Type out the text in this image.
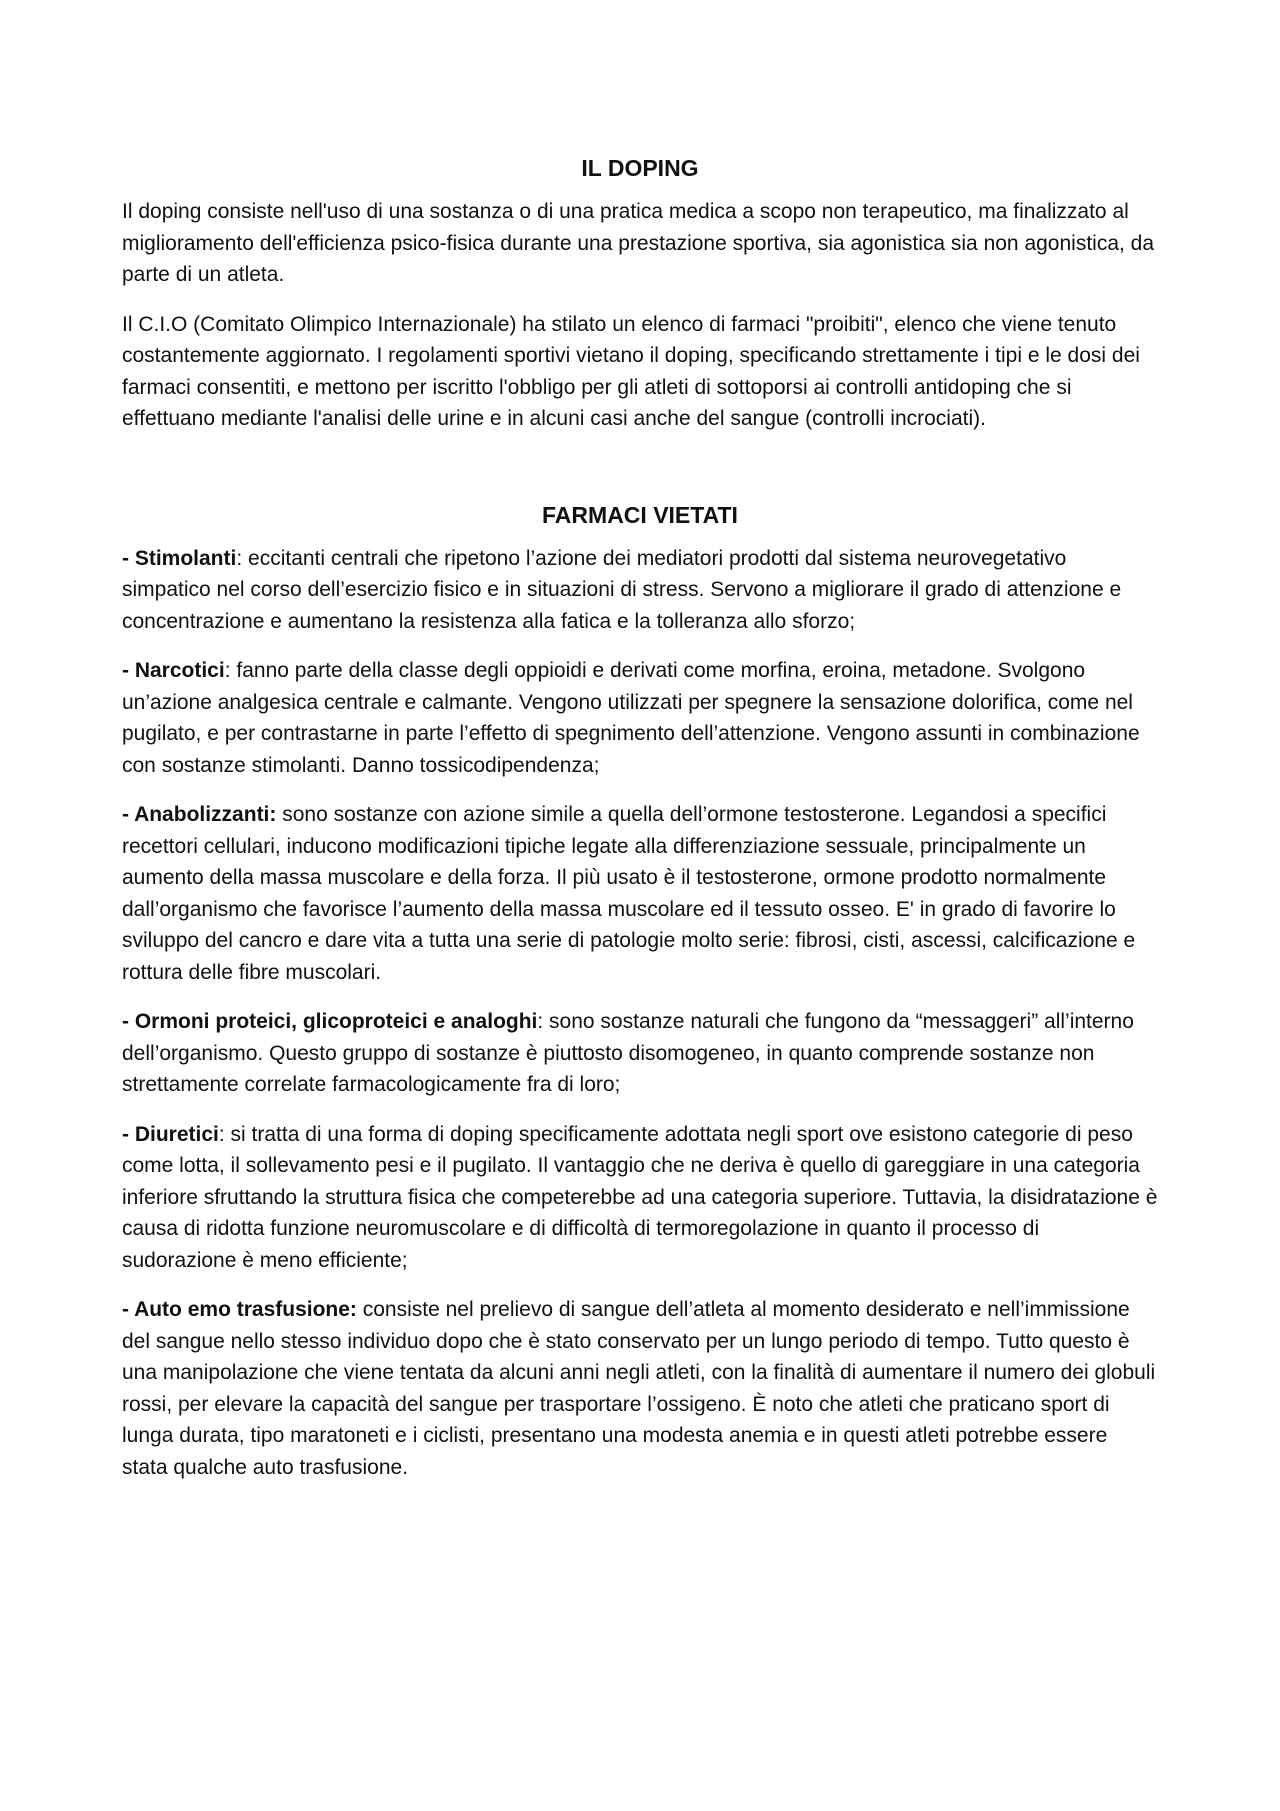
IL DOPING

Il doping consiste nell'uso di una sostanza o di una pratica medica a scopo non terapeutico, ma finalizzato al miglioramento dell'efficienza psico-fisica durante una prestazione sportiva, sia agonistica sia non agonistica, da parte di un atleta.

Il C.I.O (Comitato Olimpico Internazionale) ha stilato un elenco di farmaci "proibiti", elenco che viene tenuto costantemente aggiornato. I regolamenti sportivi vietano il doping, specificando strettamente i tipi e le dosi dei farmaci consentiti, e mettono per iscritto l'obbligo per gli atleti di sottoporsi ai controlli antidoping che si effettuano mediante l'analisi delle urine e in alcuni casi anche del sangue (controlli incrociati).

FARMACI VIETATI

- Stimolanti: eccitanti centrali che ripetono l’azione dei mediatori prodotti dal sistema neurovegetativo simpatico nel corso dell’esercizio fisico e in situazioni di stress. Servono a migliorare il grado di attenzione e concentrazione e aumentano la resistenza alla fatica e la tolleranza allo sforzo;

- Narcotici: fanno parte della classe degli oppioidi e derivati come morfina, eroina, metadone. Svolgono un’azione analgesica centrale e calmante. Vengono utilizzati per spegnere la sensazione dolorifica, come nel pugilato, e per contrastarne in parte l’effetto di spegnimento dell’attenzione. Vengono assunti in combinazione con sostanze stimolanti. Danno tossicodipendenza;

- Anabolizzanti: sono sostanze con azione simile a quella dell’ormone testosterone. Legandosi a specifici recettori cellulari, inducono modificazioni tipiche legate alla differenziazione sessuale, principalmente un aumento della massa muscolare e della forza. Il più usato è il testosterone, ormone prodotto normalmente dall’organismo che favorisce l’aumento della massa muscolare ed il tessuto osseo. E' in grado di favorire lo sviluppo del cancro e dare vita a tutta una serie di patologie molto serie: fibrosi, cisti, ascessi, calcificazione e rottura delle fibre muscolari.

- Ormoni proteici, glicoproteici e analoghi: sono sostanze naturali che fungono da “messaggeri” all’interno dell’organismo. Questo gruppo di sostanze è piuttosto disomogeneo, in quanto comprende sostanze non strettamente correlate farmacologicamente fra di loro;

- Diuretici: si tratta di una forma di doping specificamente adottata negli sport ove esistono categorie di peso come lotta, il sollevamento pesi e il pugilato. Il vantaggio che ne deriva è quello di gareggiare in una categoria inferiore sfruttando la struttura fisica che competerebbe ad una categoria superiore. Tuttavia, la disidratazione è causa di ridotta funzione neuromuscolare e di difficoltà di termoregolazione in quanto il processo di sudorazione è meno efficiente;

- Auto emo trasfusione: consiste nel prelievo di sangue dell’atleta al momento desiderato e nell’immissione del sangue nello stesso individuo dopo che è stato conservato per un lungo periodo di tempo. Tutto questo è una manipolazione che viene tentata da alcuni anni negli atleti, con la finalità di aumentare il numero dei globuli rossi, per elevare la capacità del sangue per trasportare l’ossigeno. È noto che atleti che praticano sport di lunga durata, tipo maratoneti e i ciclisti, presentano una modesta anemia e in questi atleti potrebbe essere stata qualche auto trasfusione.
